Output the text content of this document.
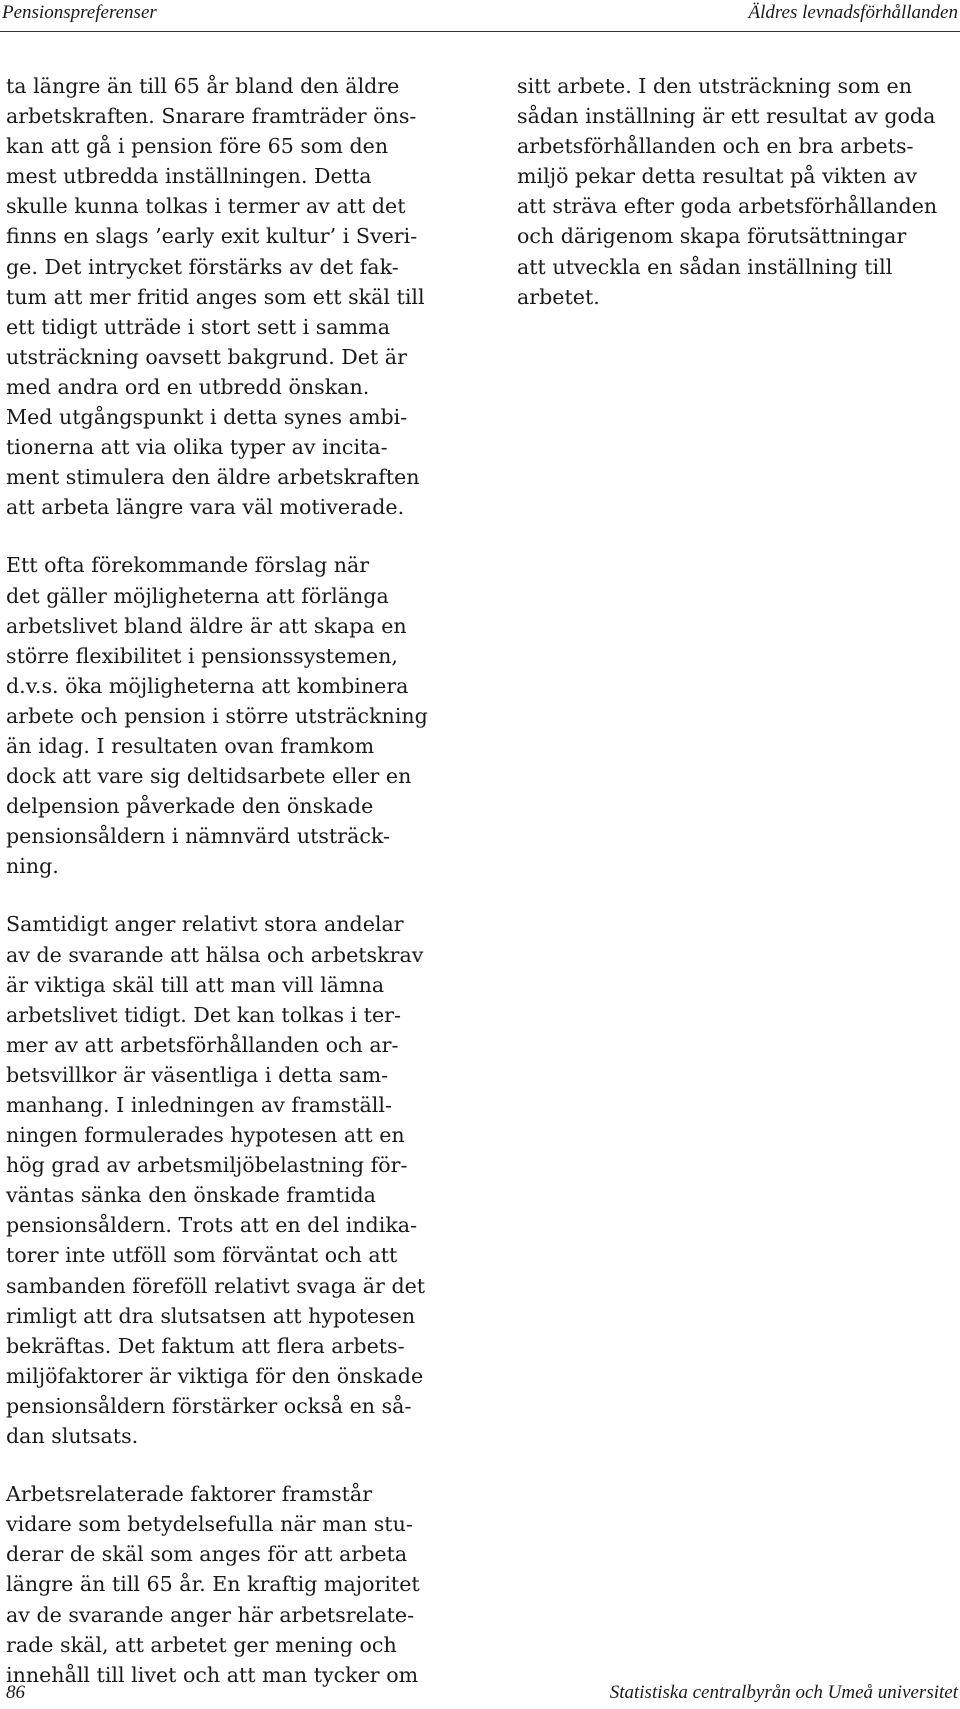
Pensionspreferenser	Äldres levnadsförhållanden

ta längre än till 65 år bland den äldre
arbetskraften. Snarare framträder öns-
kan att gå i pension före 65 som den
mest utbredda inställningen. Detta
skulle kunna tolkas i termer av att det
finns en slags ’early exit kultur’ i Sveri-
ge. Det intrycket förstärks av det fak-
tum att mer fritid anges som ett skäl till
ett tidigt utträde i stort sett i samma
utsträckning oavsett bakgrund. Det är
med andra ord en utbredd önskan.
Med utgångspunkt i detta synes ambi-
tionerna att via olika typer av incita-
ment stimulera den äldre arbetskraften
att arbeta längre vara väl motiverade.

Ett ofta förekommande förslag när
det gäller möjligheterna att förlänga
arbetslivet bland äldre är att skapa en
större flexibilitet i pensionssystemen,
d.v.s. öka möjligheterna att kombinera
arbete och pension i större utsträckning
än idag. I resultaten ovan framkom
dock att vare sig deltidsarbete eller en
delpension påverkade den önskade
pensionsåldern i nämnvärd utsträck-
ning.

Samtidigt anger relativt stora andelar
av de svarande att hälsa och arbetskrav
är viktiga skäl till att man vill lämna
arbetslivet tidigt. Det kan tolkas i ter-
mer av att arbetsförhållanden och ar-
betsvillkor är väsentliga i detta sam-
manhang. I inledningen av framställ-
ningen formulerades hypotesen att en
hög grad av arbetsmiljöbelastning för-
väntas sänka den önskade framtida
pensionsåldern. Trots att en del indika-
torer inte utföll som förväntat och att
sambanden föreföll relativt svaga är det
rimligt att dra slutsatsen att hypotesen
bekräftas. Det faktum att flera arbets-
miljöfaktorer är viktiga för den önskade
pensionsåldern förstärker också en så-
dan slutsats.

Arbetsrelaterade faktorer framstår
vidare som betydelsefulla när man stu-
derar de skäl som anges för att arbeta
längre än till 65 år. En kraftig majoritet
av de svarande anger här arbetsrelate-
rade skäl, att arbetet ger mening och
innehåll till livet och att man tycker om

sitt arbete. I den utsträckning som en
sådan inställning är ett resultat av goda
arbetsförhållanden och en bra arbets-
miljö pekar detta resultat på vikten av
att sträva efter goda arbetsförhållanden
och därigenom skapa förutsättningar
att utveckla en sådan inställning till
arbetet.

86	Statistiska centralbyrån och Umeå universitet
